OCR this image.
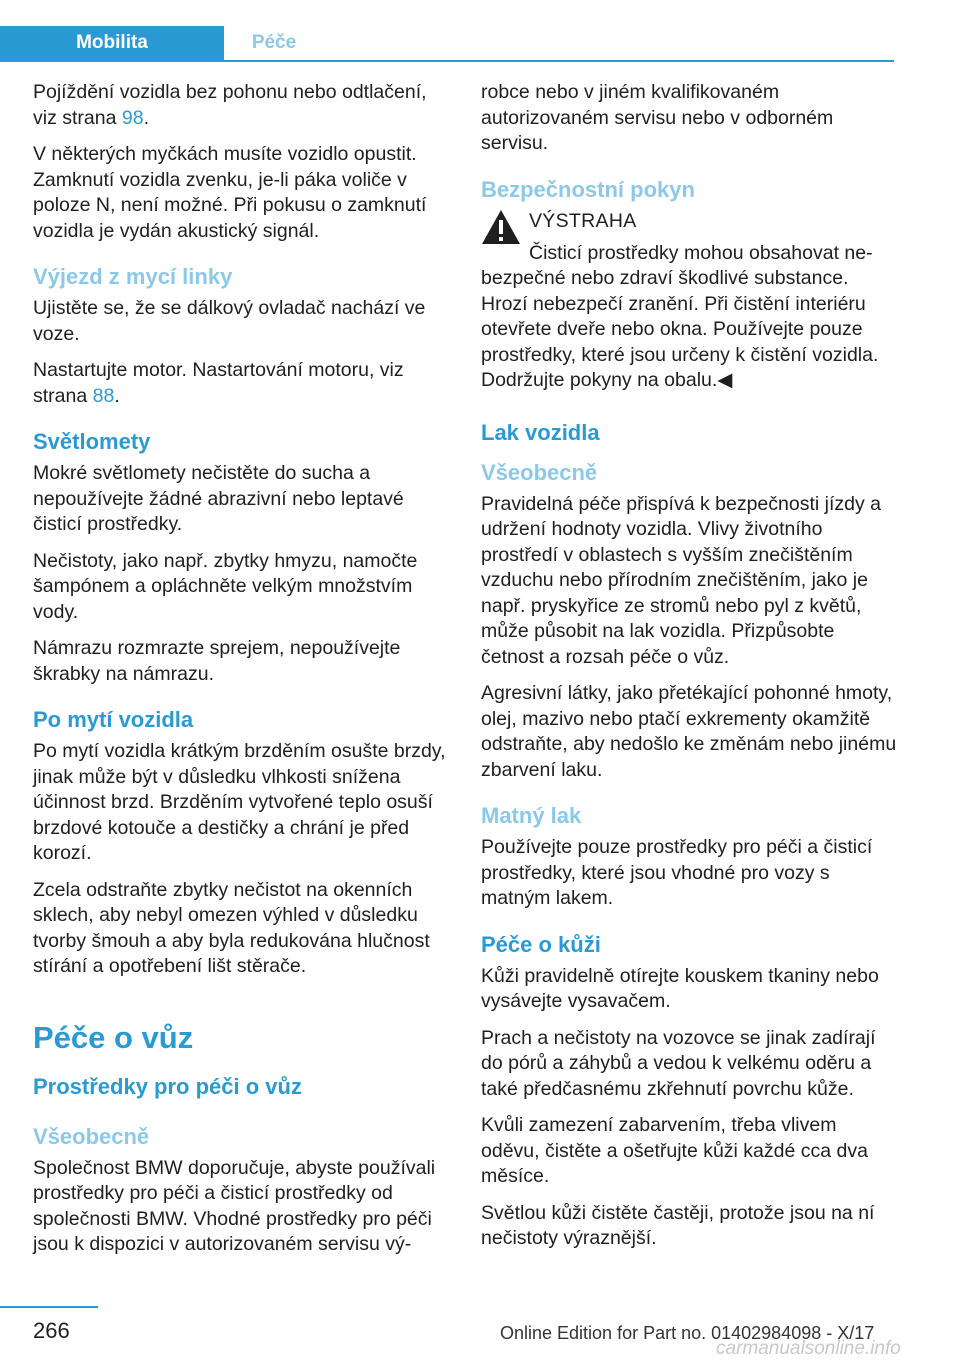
Mobilita	Péče

Pojíždění vozidla bez pohonu nebo odtlačení, viz strana 98.

V některých myčkách musíte vozidlo opustit. Zamknutí vozidla zvenku, je-li páka voliče v poloze N, není možné. Při pokusu o zamknutí vozidla je vydán akustický signál.

Výjezd z mycí linky

Ujistěte se, že se dálkový ovladač nachází ve voze.

Nastartujte motor. Nastartování motoru, viz strana 88.

Světlomety

Mokré světlomety nečistěte do sucha a nepoužívejte žádné abrazivní nebo leptavé čisticí prostředky.

Nečistoty, jako např. zbytky hmyzu, namočte šampónem a opláchněte velkým množstvím vody.

Námrazu rozmrazte sprejem, nepoužívejte škrabky na námrazu.

Po mytí vozidla

Po mytí vozidla krátkým brzděním osušte brzdy, jinak může být v důsledku vlhkosti snížena účinnost brzd. Brzděním vytvořené teplo osuší brzdové kotouče a destičky a chrání je před korozí.

Zcela odstraňte zbytky nečistot na okenních sklech, aby nebyl omezen výhled v důsledku tvorby šmouh a aby byla redukována hlučnost stírání a opotřebení lišt stěrače.

Péče o vůz
Prostředky pro péči o vůz
Všeobecně

Společnost BMW doporučuje, abyste používali prostředky pro péči a čisticí prostředky od společnosti BMW. Vhodné prostředky pro péči jsou k dispozici v autorizovaném servisu vý-

robce nebo v jiném kvalifikovaném autorizovaném servisu nebo v odborném servisu.

Bezpečnostní pokyn
VÝSTRAHA

Čisticí prostředky mohou obsahovat ne-

bezpečné nebo zdraví škodlivé substance. Hrozí nebezpečí zranění. Při čistění interiéru otevřete dveře nebo okna. Používejte pouze prostředky, které jsou určeny k čistění vozidla. Dodržujte pokyny na obalu.◀

Lak vozidla
Všeobecně

Pravidelná péče přispívá k bezpečnosti jízdy a udržení hodnoty vozidla. Vlivy životního prostředí v oblastech s vyšším znečištěním vzduchu nebo přírodním znečištěním, jako je např. pryskyřice ze stromů nebo pyl z květů, může působit na lak vozidla. Přizpůsobte četnost a rozsah péče o vůz.

Agresivní látky, jako přetékající pohonné hmoty, olej, mazivo nebo ptačí exkrementy okamžitě odstraňte, aby nedošlo ke změnám nebo jinému zbarvení laku.

Matný lak

Používejte pouze prostředky pro péči a čisticí prostředky, které jsou vhodné pro vozy s matným lakem.

Péče o kůži

Kůži pravidelně otírejte kouskem tkaniny nebo vysávejte vysavačem.

Prach a nečistoty na vozovce se jinak zadírají do pórů a záhybů a vedou k velkému oděru a také předčasnému zkřehnutí povrchu kůže.

Kvůli zamezení zabarvením, třeba vlivem oděvu, čistěte a ošetřujte kůži každé cca dva měsíce.

Světlou kůži čistěte častěji, protože jsou na ní nečistoty výraznější.

266	Online Edition for Part no. 01402984098 - X/17
carmanualsonline.info
